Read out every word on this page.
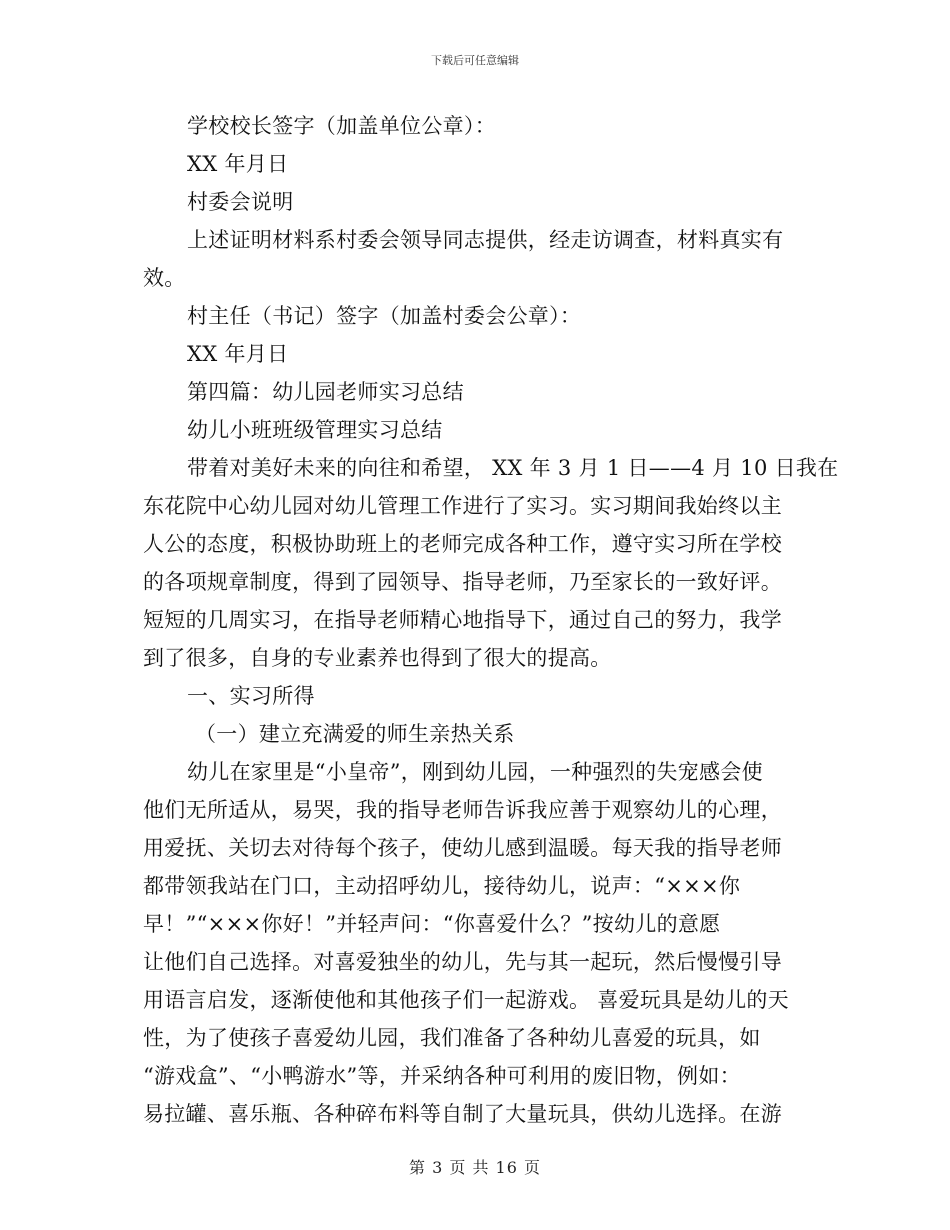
下载后可任意编辑
学校校长签字（加盖单位公章）：
XX 年月日
村委会说明
上述证明材料系村委会领导同志提供，经走访调查，材料真实有
效。
村主任（书记）签字（加盖村委会公章）：
XX 年月日
第四篇：幼儿园老师实习总结
幼儿小班班级管理实习总结
带着对美好未来的向往和希望， XX 年 3 月 1 日——4 月 10 日我在
东花院中心幼儿园对幼儿管理工作进行了实习。实习期间我始终以主
人公的态度，积极协助班上的老师完成各种工作，遵守实习所在学校
的各项规章制度，得到了园领导、指导老师，乃至家长的一致好评。
短短的几周实习，在指导老师精心地指导下，通过自己的努力，我学
到了很多，自身的专业素养也得到了很大的提高。
一、实习所得
（一）建立充满爱的师生亲热关系
幼儿在家里是“小皇帝”，刚到幼儿园，一种强烈的失宠感会使
他们无所适从，易哭，我的指导老师告诉我应善于观察幼儿的心理，
用爱抚、关切去对待每个孩子，使幼儿感到温暖。每天我的指导老师
都带领我站在门口，主动招呼幼儿，接待幼儿，说声：“×××你
早！”“×××你好！”并轻声问：“你喜爱什么？”按幼儿的意愿
让他们自己选择。对喜爱独坐的幼儿，先与其一起玩，然后慢慢引导
用语言启发，逐渐使他和其他孩子们一起游戏。 喜爱玩具是幼儿的天
性，为了使孩子喜爱幼儿园，我们准备了各种幼儿喜爱的玩具，如
“游戏盒”、“小鸭游水”等，并采纳各种可利用的废旧物，例如：
易拉罐、喜乐瓶、各种碎布料等自制了大量玩具，供幼儿选择。在游
第 3 页 共 16 页
